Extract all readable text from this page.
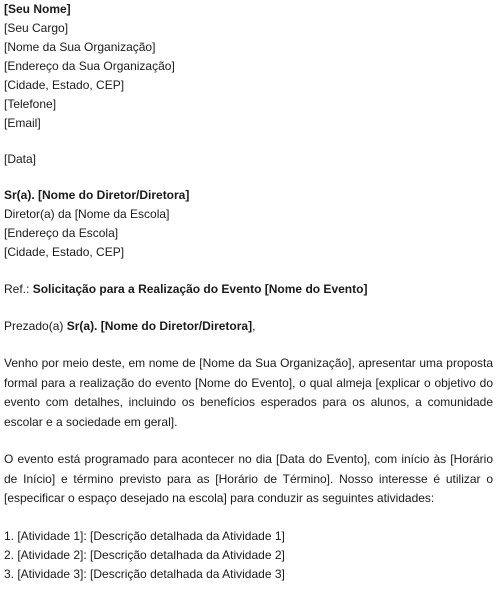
[Seu Nome]
[Seu Cargo]
[Nome da Sua Organização]
[Endereço da Sua Organização]
[Cidade, Estado, CEP]
[Telefone]
[Email]
[Data]
Sr(a). [Nome do Diretor/Diretora]
Diretor(a) da [Nome da Escola]
[Endereço da Escola]
[Cidade, Estado, CEP]
Ref.: Solicitação para a Realização do Evento [Nome do Evento]
Prezado(a) Sr(a). [Nome do Diretor/Diretora],
Venho por meio deste, em nome de [Nome da Sua Organização], apresentar uma proposta formal para a realização do evento [Nome do Evento], o qual almeja [explicar o objetivo do evento com detalhes, incluindo os benefícios esperados para os alunos, a comunidade escolar e a sociedade em geral].
O evento está programado para acontecer no dia [Data do Evento], com início às [Horário de Início] e término previsto para as [Horário de Término]. Nosso interesse é utilizar o [especificar o espaço desejado na escola] para conduzir as seguintes atividades:
1. [Atividade 1]: [Descrição detalhada da Atividade 1]
2. [Atividade 2]: [Descrição detalhada da Atividade 2]
3. [Atividade 3]: [Descrição detalhada da Atividade 3]
